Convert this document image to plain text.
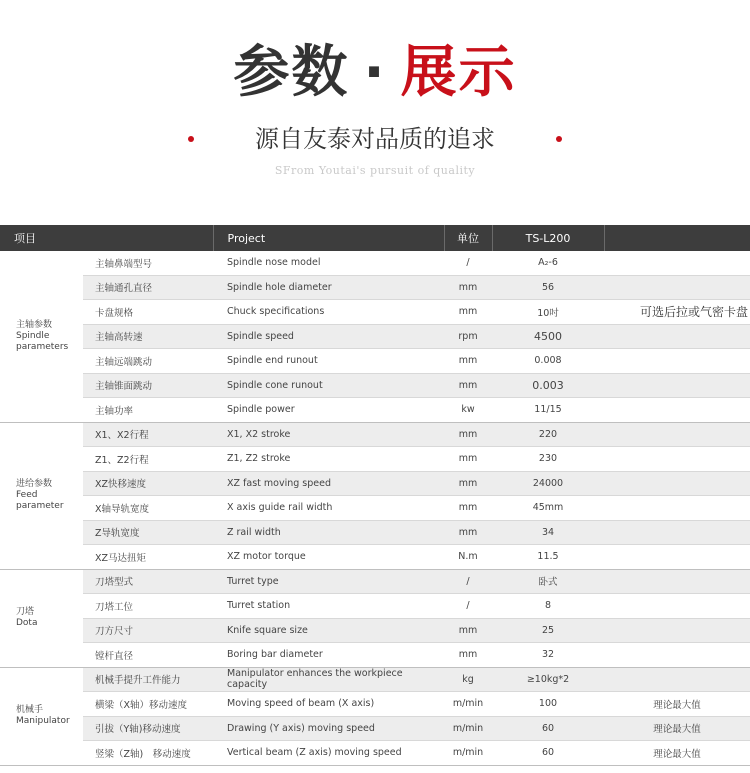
参数 · 展示
源自友泰对品质的追求
SFrom Youtai's pursuit of quality
项目		Project	单位	TS-L200	

主轴参数
Spindle parameters	主轴鼻端型号	Spindle nose model	/	A₂-6	
	主轴通孔直径	Spindle hole diameter	mm	56	
	卡盘规格	Chuck specifications	mm	10吋	可选后拉或气密卡盘
	主轴高转速	Spindle speed	rpm	4500	
	主轴远端跳动	Spindle end runout	mm	0.008	
	主轴锥面跳动	Spindle cone runout	mm	0.003	
	主轴功率	Spindle power	kw	11/15	

进给参数
Feed parameter	X1、X2行程	X1, X2 stroke	mm	220	
	Z1、Z2行程	Z1, Z2 stroke	mm	230	
	XZ快移速度	XZ fast moving speed	mm	24000	
	X轴导轨宽度	X axis guide rail width	mm	45mm	
	Z导轨宽度	Z rail width	mm	34	
	XZ马达扭矩	XZ motor torque	N.m	11.5	

刀塔
Dota	刀塔型式	Turret type	/	卧式	
	刀塔工位	Turret station	/	8	
	刀方尺寸	Knife square size	mm	25	
	镗杆直径	Boring bar diameter	mm	32	

机械手
Manipulator	机械手提升工件能力	Manipulator enhances the workpiece capacity	kg	≥10kg*2	
	横梁（X轴）移动速度	Moving speed of beam (X axis)	m/min	100	理论最大值
	引拔（Y轴)移动速度	Drawing (Y axis) moving speed	m/min	60	理论最大值
	竖梁（Z轴)　移动速度	Vertical beam (Z axis) moving speed	m/min	60	理论最大值
